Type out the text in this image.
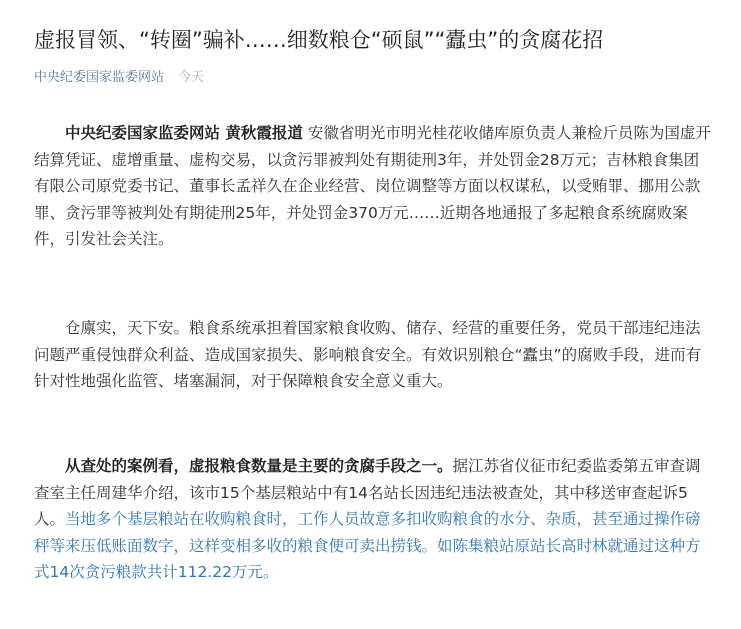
虚报冒领、“转圈”骗补……细数粮仓“硕鼠”“蠹虫”的贪腐花招
中央纪委国家监委网站 今天

中央纪委国家监委网站 黄秋霞报道 安徽省明光市明光桂花收储库原负责人兼检斤员陈为国虚开结算凭证、虚增重量、虚构交易，以贪污罪被判处有期徒刑3年，并处罚金28万元；吉林粮食集团有限公司原党委书记、董事长孟祥久在企业经营、岗位调整等方面以权谋私，以受贿罪、挪用公款罪、贪污罪等被判处有期徒刑25年，并处罚金370万元……近期各地通报了多起粮食系统腐败案件，引发社会关注。

仓廪实，天下安。粮食系统承担着国家粮食收购、储存、经营的重要任务，党员干部违纪违法问题严重侵蚀群众利益、造成国家损失、影响粮食安全。有效识别粮仓“蠹虫”的腐败手段，进而有针对性地强化监管、堵塞漏洞，对于保障粮食安全意义重大。

从查处的案例看，虚报粮食数量是主要的贪腐手段之一。据江苏省仪征市纪委监委第五审查调查室主任周建华介绍，该市15个基层粮站中有14名站长因违纪违法被查处，其中移送审查起诉5人。当地多个基层粮站在收购粮食时，工作人员故意多扣收购粮食的水分、杂质，甚至通过操作磅秤等来压低账面数字，这样变相多收的粮食便可卖出捞钱。如陈集粮站原站长高时林就通过这种方式14次贪污粮款共计112.22万元。
